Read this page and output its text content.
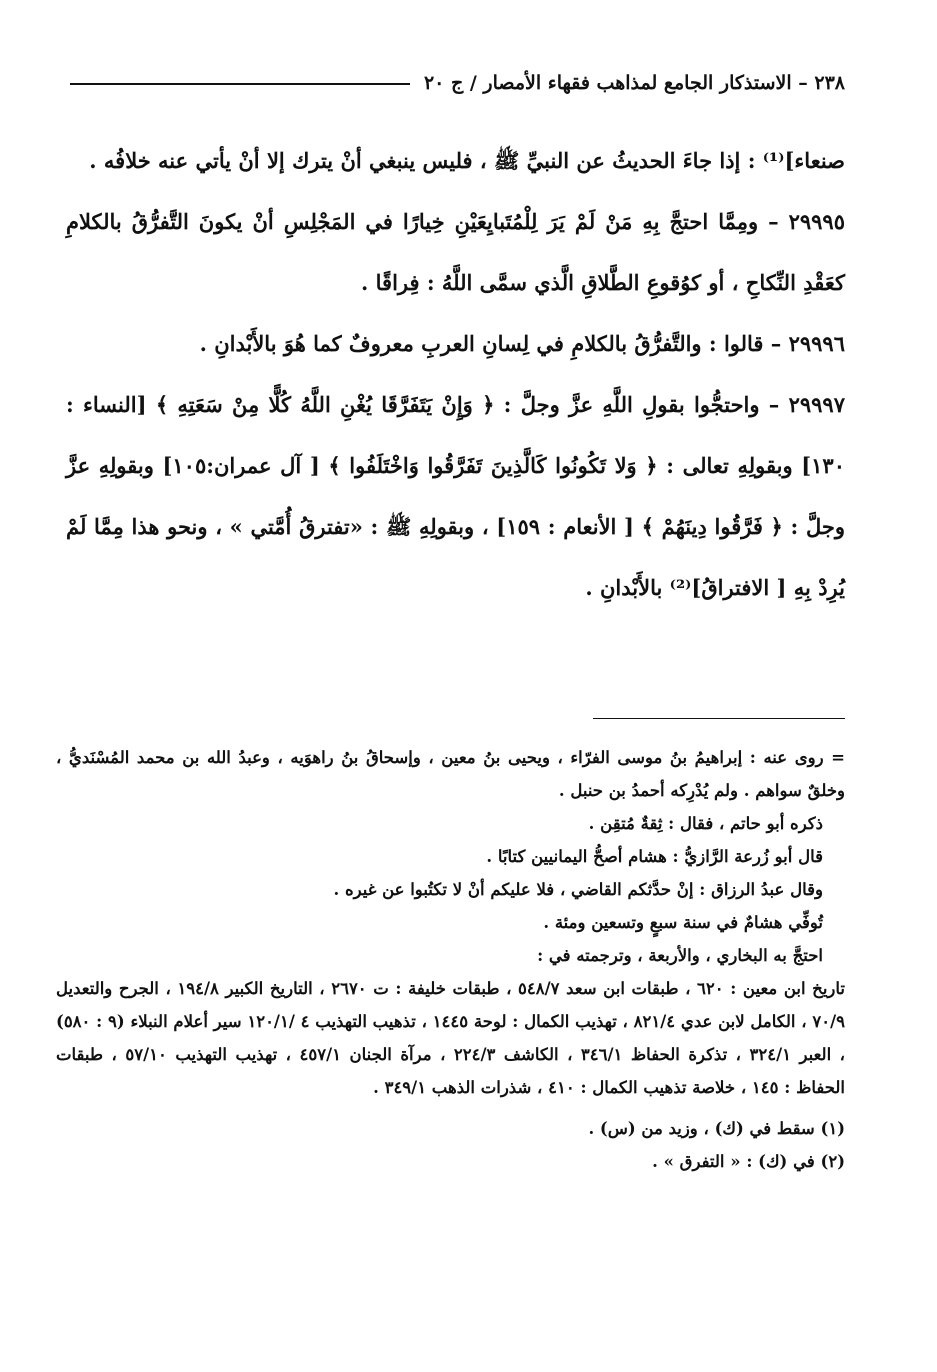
٢٣٨ – الاستذكار الجامع لمذاهب فقهاء الأمصار / ج ٢٠

صنعاء]⁽¹⁾ : إذا جاءَ الحديثُ عن النبيِّ ﷺ ، فليس ينبغي أنْ يترك إلا أنْ يأتي عنه خلافُه .

٢٩٩٩٥ – ومِمَّا احتجَّ بِهِ مَنْ لَمْ يَرَ لِلْمُتَبايِعَيْنِ خِيارًا في المَجْلِسِ أنْ يكونَ التَّفرُّقُ بالكلامِ كعَقْدِ النِّكاحِ ، أو كوُقوعِ الطَّلاقِ الَّذي سمَّى اللَّهُ : فِراقًا .

٢٩٩٩٦ – قالوا : والتَّفرُّقُ بالكلامِ في لِسانِ العربِ معروفٌ كما هُوَ بالأَبْدانِ .

٢٩٩٩٧ – واحتجُّوا بقولِ اللَّهِ عزَّ وجلَّ : ﴿ وَإِنْ يَتَفَرَّقَا يُغْنِ اللَّهُ كُلًّا مِنْ سَعَتِهِ ﴾ [النساء : ١٣٠] وبقولِهِ تعالى : ﴿ وَلا تَكُونُوا كَالَّذِينَ تَفَرَّقُوا وَاخْتَلَفُوا ﴾ [ آل عمران:١٠٥] وبقولِهِ عزَّ وجلَّ : ﴿ فَرَّقُوا دِينَهُمْ ﴾ [ الأنعام : ١٥٩] ، وبقولِهِ ﷺ : «تفترقُ أُمَّتي » ، ونحو هذا مِمَّا لَمْ يُرِدْ بِهِ [ الافتراقُ]⁽²⁾ بالأَبْدانِ .

= روى عنه : إبراهيمُ بنُ موسى الفرّاء ، ويحيى بنُ معين ، وإسحاقُ بنُ راهوَيه ، وعبدُ الله بن محمد المُسْنَديُّ ، وخلقٌ سواهم . ولم يُدْرِكه أحمدُ بن حنبل .

ذكره أبو حاتم ، فقال : ثِقةٌ مُتقِن .

قال أبو زُرعة الرَّازيُّ : هشام أصحُّ اليمانيين كتابًا .

وقال عبدُ الرزاق : إنْ حدَّثكم القاضي ، فلا عليكم أنْ لا تكتُبوا عن غيره .

تُوفِّي هشامٌ في سنة سبعٍ وتسعين ومئة .

احتجَّ به البخاري ، والأربعة ، وترجمته في :

تاريخ ابن معين : ٦٢٠ ، طبقات ابن سعد ٥٤٨/٧ ، طبقات خليفة : ت ٢٦٧٠ ، التاريخ الكبير ١٩٤/٨ ، الجرح والتعديل ٧٠/٩ ، الكامل لابن عدي ٨٢١/٤ ، تهذيب الكمال : لوحة ١٤٤٥ ، تذهيب التهذيب ٤ /١٢٠/١ سير أعلام النبلاء (٩ : ٥٨٠) ، العبر ٣٢٤/١ ، تذكرة الحفاظ ٣٤٦/١ ، الكاشف ٢٢٤/٣ ، مرآة الجنان ٤٥٧/١ ، تهذيب التهذيب ٥٧/١٠ ، طبقات الحفاظ : ١٤٥ ، خلاصة تذهيب الكمال : ٤١٠ ، شذرات الذهب ٣٤٩/١ .

(١) سقط في (ك) ، وزيد من (س) .

(٢) في (ك) : « التفرق » .
